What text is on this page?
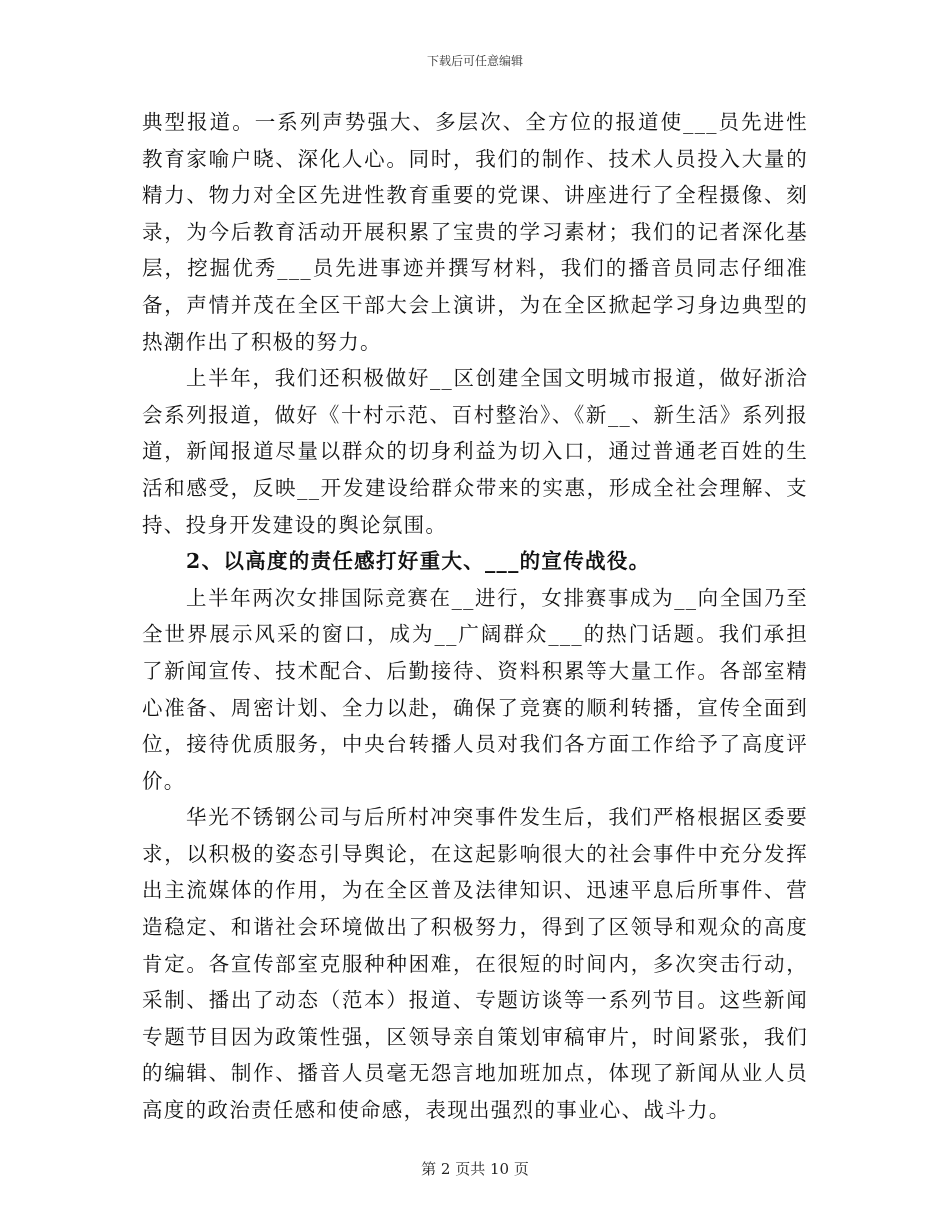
下载后可任意编辑

典型报道。一系列声势强大、多层次、全方位的报道使___员先进性教育家喻户晓、深化人心。同时，我们的制作、技术人员投入大量的精力、物力对全区先进性教育重要的党课、讲座进行了全程摄像、刻录，为今后教育活动开展积累了宝贵的学习素材；我们的记者深化基层，挖掘优秀___员先进事迹并撰写材料，我们的播音员同志仔细准备，声情并茂在全区干部大会上演讲，为在全区掀起学习身边典型的热潮作出了积极的努力。

上半年，我们还积极做好__区创建全国文明城市报道，做好浙洽会系列报道，做好《十村示范、百村整治》、《新__、新生活》系列报道，新闻报道尽量以群众的切身利益为切入口，通过普通老百姓的生活和感受，反映__开发建设给群众带来的实惠，形成全社会理解、支持、投身开发建设的舆论氛围。

2、以高度的责任感打好重大、___的宣传战役。

上半年两次女排国际竞赛在__进行，女排赛事成为__向全国乃至全世界展示风采的窗口，成为__广阔群众___的热门话题。我们承担了新闻宣传、技术配合、后勤接待、资料积累等大量工作。各部室精心准备、周密计划、全力以赴，确保了竞赛的顺利转播，宣传全面到位，接待优质服务，中央台转播人员对我们各方面工作给予了高度评价。

华光不锈钢公司与后所村冲突事件发生后，我们严格根据区委要求，以积极的姿态引导舆论，在这起影响很大的社会事件中充分发挥出主流媒体的作用，为在全区普及法律知识、迅速平息后所事件、营造稳定、和谐社会环境做出了积极努力，得到了区领导和观众的高度肯定。各宣传部室克服种种困难，在很短的时间内，多次突击行动，采制、播出了动态（范本）报道、专题访谈等一系列节目。这些新闻专题节目因为政策性强，区领导亲自策划审稿审片，时间紧张，我们的编辑、制作、播音人员毫无怨言地加班加点，体现了新闻从业人员高度的政治责任感和使命感，表现出强烈的事业心、战斗力。

第 2 页共 10 页
